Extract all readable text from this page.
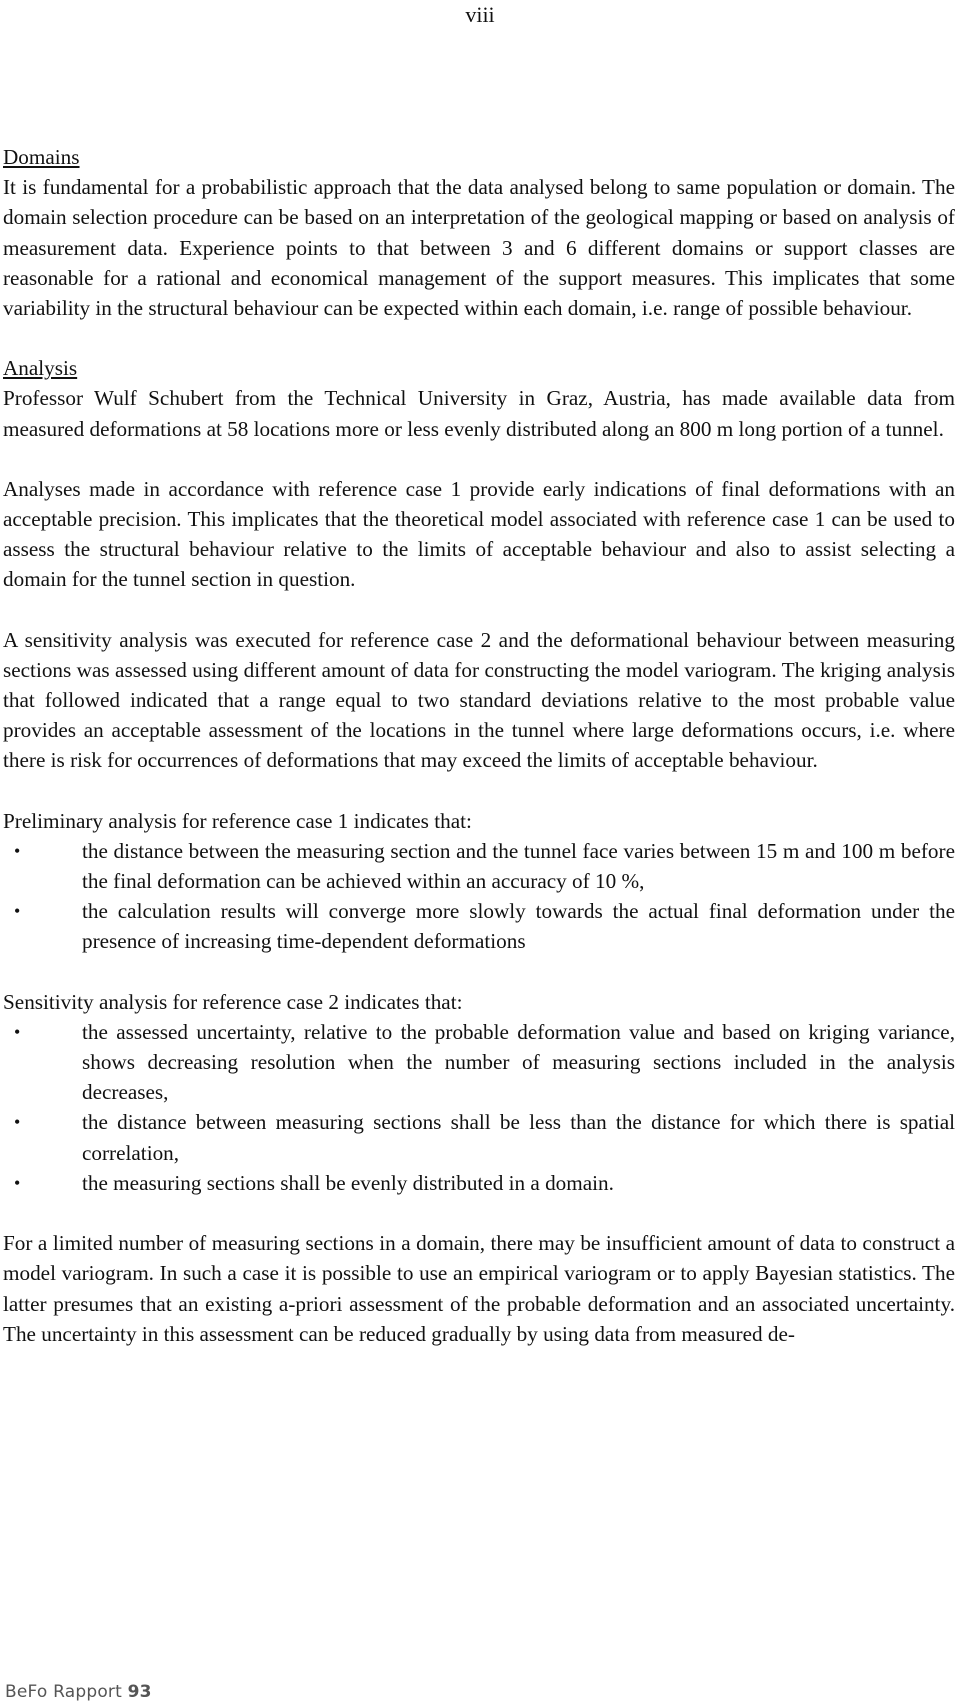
viii
Domains

It is fundamental for a probabilistic approach that the data analysed belong to same population or domain. The domain selection procedure can be based on an interpretation of the geological mapping or based on analysis of measurement data. Experience points to that between 3 and 6 different domains or support classes are reasonable for a rational and economical management of the support measures. This implicates that some variability in the structural behaviour can be expected within each domain, i.e. range of possible behaviour.

Analysis

Professor Wulf Schubert from the Technical University in Graz, Austria, has made available data from measured deformations at 58 locations more or less evenly distributed along an 800 m long portion of a tunnel.

Analyses made in accordance with reference case 1 provide early indications of final deformations with an acceptable precision. This implicates that the theoretical model associated with reference case 1 can be used to assess the structural behaviour relative to the limits of acceptable behaviour and also to assist selecting a domain for the tunnel section in question.

A sensitivity analysis was executed for reference case 2 and the deformational behaviour between measuring sections was assessed using different amount of data for constructing the model variogram. The kriging analysis that followed indicated that a range equal to two standard deviations relative to the most probable value provides an acceptable assessment of the locations in the tunnel where large deformations occurs, i.e. where there is risk for occurrences of deformations that may exceed the limits of acceptable behaviour.

Preliminary analysis for reference case 1 indicates that:

•	the distance between the measuring section and the tunnel face varies between 15 m and 100 m before the final deformation can be achieved within an accuracy of 10 %,
•	the calculation results will converge more slowly towards the actual final deformation under the presence of increasing time-dependent deformations

Sensitivity analysis for reference case 2 indicates that:

•	the assessed uncertainty, relative to the probable deformation value and based on kriging variance, shows decreasing resolution when the number of measuring sections included in the analysis decreases,
•	the distance between measuring sections shall be less than the distance for which there is spatial correlation,
•	the measuring sections shall be evenly distributed in a domain.

For a limited number of measuring sections in a domain, there may be insufficient amount of data to construct a model variogram. In such a case it is possible to use an empirical variogram or to apply Bayesian statistics. The latter presumes that an existing a-priori assessment of the probable deformation and an associated uncertainty. The uncertainty in this assessment can be reduced gradually by using data from measured de-

BeFo Rapport 93
